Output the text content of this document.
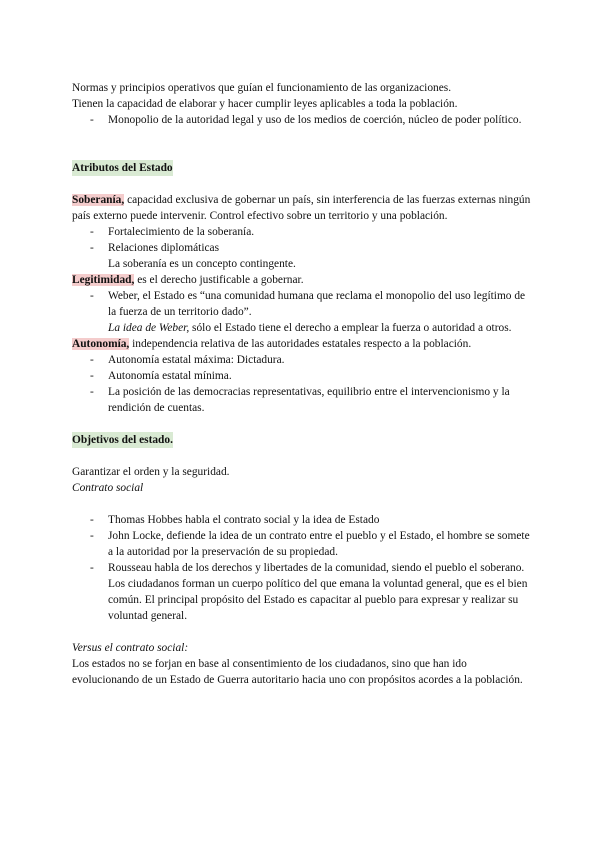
Normas y principios operativos que guían el funcionamiento de las organizaciones.

Tienen la capacidad de elaborar y hacer cumplir leyes aplicables a toda la población.

- Monopolio de la autoridad legal y uso de los medios de coerción, núcleo de poder político.

Atributos del Estado

Soberanía, capacidad exclusiva de gobernar un país, sin interferencia de las fuerzas externas ningún país externo puede intervenir. Control efectivo sobre un territorio y una población.

- Fortalecimiento de la soberanía.

- Relaciones diplomáticas

La soberanía es un concepto contingente.

Legitimidad, es el derecho justificable a gobernar.

- Weber, el Estado es “una comunidad humana que reclama el monopolio del uso legítimo de la fuerza de un territorio dado”.

La idea de Weber, sólo el Estado tiene el derecho a emplear la fuerza o autoridad a otros.

Autonomía, independencia relativa de las autoridades estatales respecto a la población.

- Autonomía estatal máxima: Dictadura.

- Autonomía estatal mínima.

- La posición de las democracias representativas, equilibrio entre el intervencionismo y la rendición de cuentas.

Objetivos del estado.

Garantizar el orden y la seguridad.

Contrato social

- Thomas Hobbes habla el contrato social y la idea de Estado

- John Locke, defiende la idea de un contrato entre el pueblo y el Estado, el hombre se somete a la autoridad por la preservación de su propiedad.

- Rousseau habla de los derechos y libertades de la comunidad, siendo el pueblo el soberano. Los ciudadanos forman un cuerpo político del que emana la voluntad general, que es el bien común. El principal propósito del Estado es capacitar al pueblo para expresar y realizar su voluntad general.

Versus el contrato social:

Los estados no se forjan en base al consentimiento de los ciudadanos, sino que han ido evolucionando de un Estado de Guerra autoritario hacia uno con propósitos acordes a la población.
